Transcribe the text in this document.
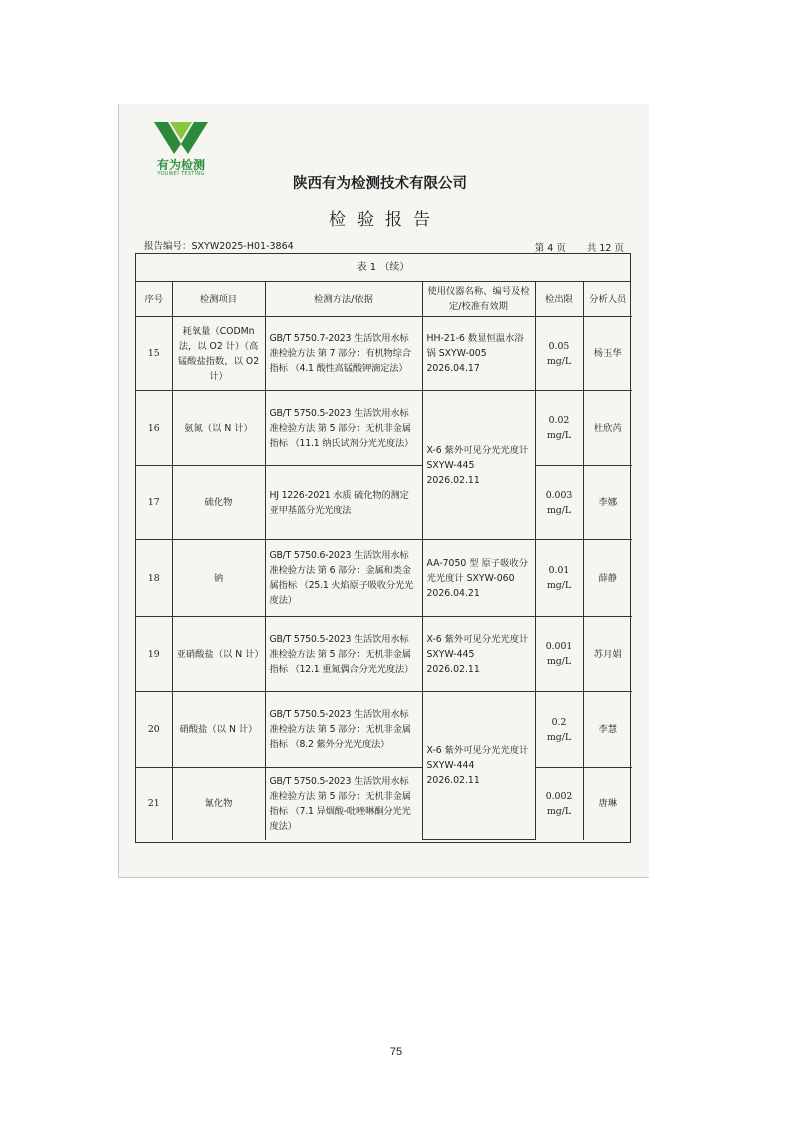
有为检测
YOUWEI TESTING
陕西有为检测技术有限公司
检验报告
报告编号：SXYW2025-H01-3864	第 4 页 共 12 页
表 1 （续）
序号	检测项目	检测方法/依据	使用仪器名称、编号及检定/校准有效期	检出限	分析人员
15	耗氧量（CODMn法，以 O2 计）（高锰酸盐指数，以 O2 计）	GB/T 5750.7-2023 生活饮用水标准检验方法 第 7 部分：有机物综合指标 （4.1 酸性高锰酸钾滴定法）	HH-21-6 数显恒温水浴锅 SXYW-005 2026.04.17	0.05 mg/L	杨玉华
16	氨氮（以 N 计）	GB/T 5750.5-2023 生活饮用水标准检验方法 第 5 部分：无机非金属指标 （11.1 纳氏试剂分光光度法）	X-6 紫外可见分光光度计 SXYW-445 2026.02.11	0.02 mg/L	杜欣芮
17	硫化物	HJ 1226-2021 水质 硫化物的测定 亚甲基蓝分光光度法		0.003 mg/L	李娜
18	钠	GB/T 5750.6-2023 生活饮用水标准检验方法 第 6 部分：金属和类金属指标 （25.1 火焰原子吸收分光光度法）	AA-7050 型 原子吸收分光光度计 SXYW-060 2026.04.21	0.01 mg/L	薛静
19	亚硝酸盐（以 N 计）	GB/T 5750.5-2023 生活饮用水标准检验方法 第 5 部分：无机非金属指标 （12.1 重氮偶合分光光度法）	X-6 紫外可见分光光度计 SXYW-445 2026.02.11	0.001 mg/L	苏月娟
20	硝酸盐（以 N 计）	GB/T 5750.5-2023 生活饮用水标准检验方法 第 5 部分：无机非金属指标 （8.2 紫外分光光度法）	X-6 紫外可见分光光度计 SXYW-444 2026.02.11	0.2 mg/L	李慧
21	氰化物	GB/T 5750.5-2023 生活饮用水标准检验方法 第 5 部分：无机非金属指标 （7.1 异烟酸-吡唑啉酮分光光度法）		0.002 mg/L	唐琳
75
